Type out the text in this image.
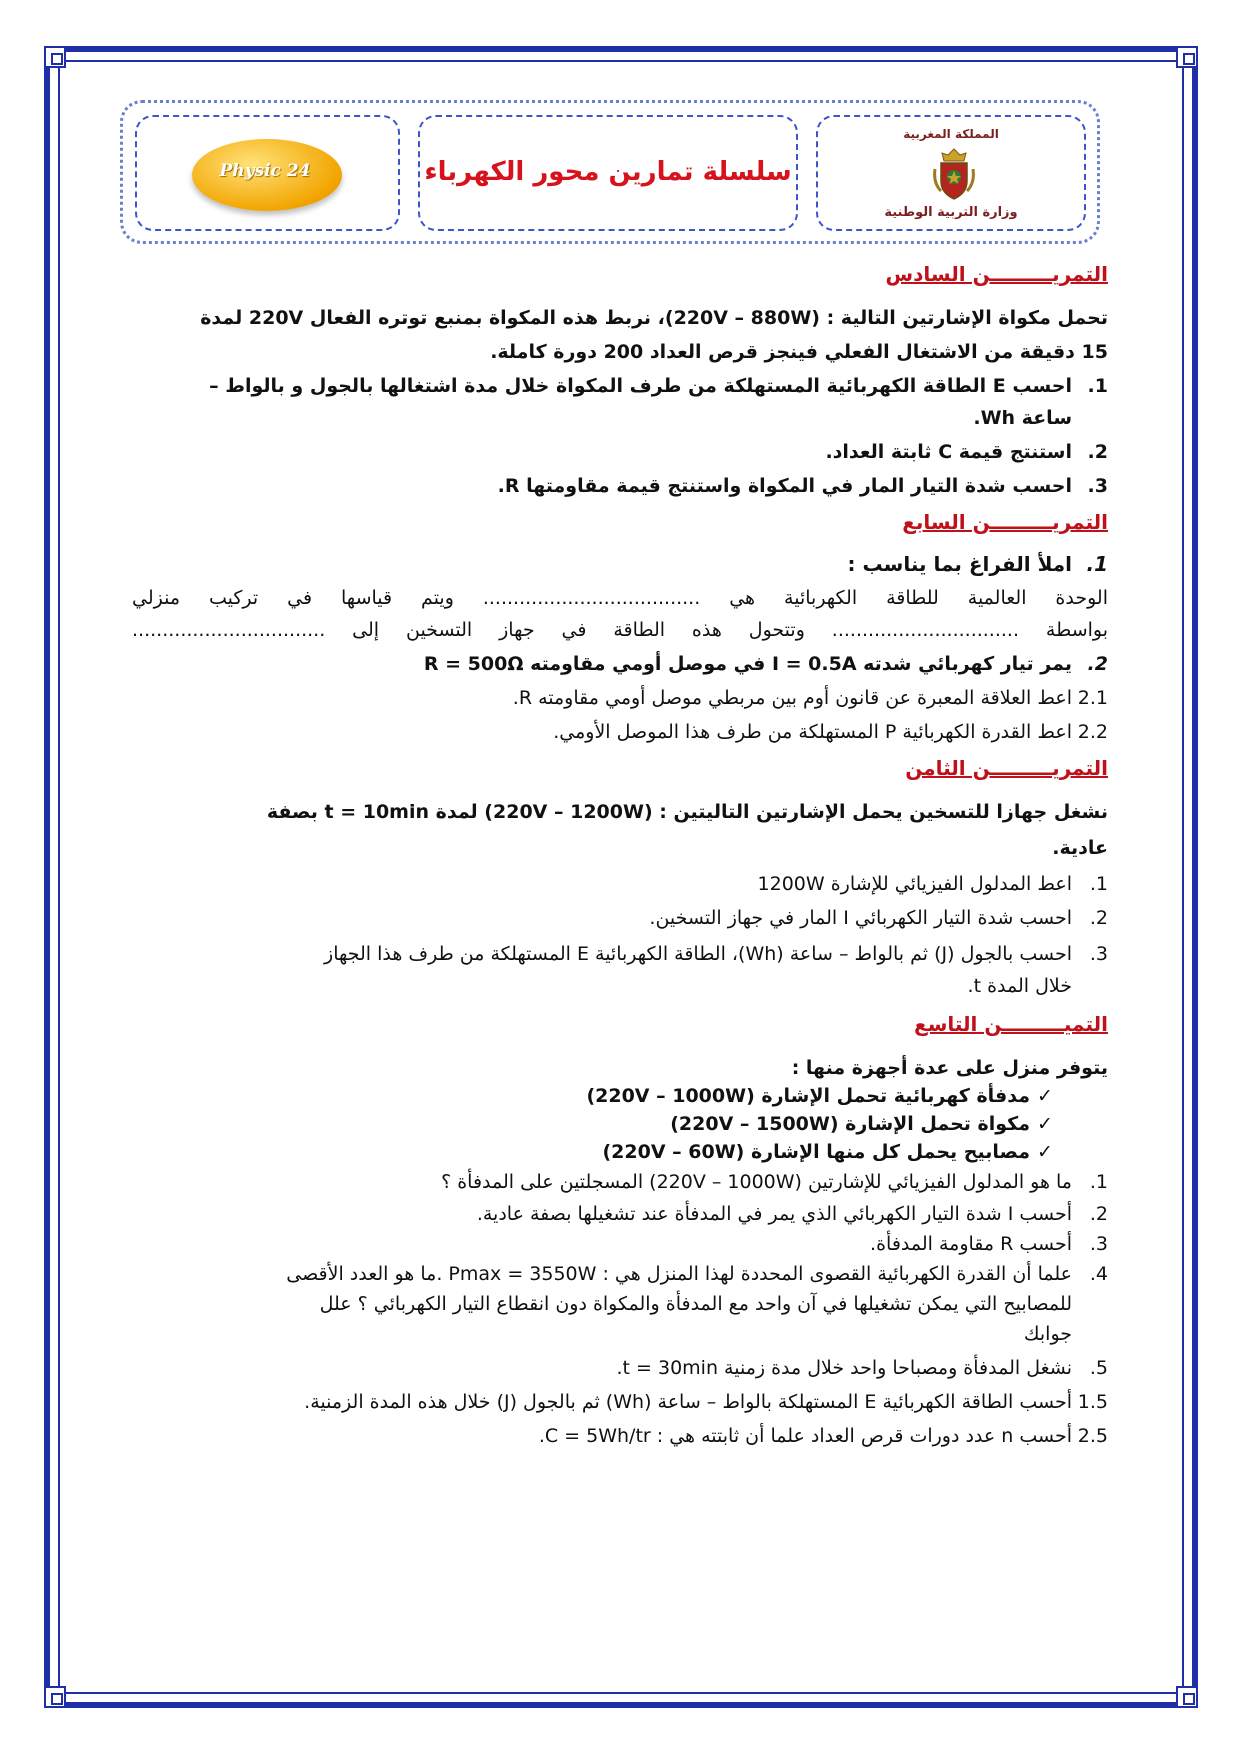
Physic 24	سلسلة تمارين محور الكهرباء
المملكة المغربية
وزارة التربية الوطنية
التمريـــــــــن السادس
تحمل مكواة الإشارتين التالية : (220V – 880W)، نربط هذه المكواة بمنبع توتره الفعال 220V لمدة
15 دقيقة من الاشتغال الفعلي فينجز قرص العداد 200 دورة كاملة.
1.احسب E الطاقة الكهربائية المستهلكة من طرف المكواة خلال مدة اشتغالها بالجول و بالواط –
ساعة Wh.
2.استنتج قيمة C ثابتة العداد.
3.احسب شدة التيار المار في المكواة واستنتج قيمة مقاومتها R.
التمريـــــــــن السابع
1.املأ الفراغ بما يناسب :
الوحدة العالمية للطاقة الكهربائية هي .................................... ويتم قياسها في تركيب منزلي
بواسطة ............................... وتتحول هذه الطاقة في جهاز التسخين إلى ................................
2.يمر تيار كهربائي شدته I = 0.5A في موصل أومي مقاومته R = 500Ω
2.1اعط العلاقة المعبرة عن قانون أوم بين مربطي موصل أومي مقاومته R.
2.2اعط القدرة الكهربائية P المستهلكة من طرف هذا الموصل الأومي.
التمريـــــــــن الثامن
نشغل جهازا للتسخين يحمل الإشارتين التاليتين : (220V – 1200W) لمدة t = 10min بصفة
عادية.
1.اعط المدلول الفيزيائي للإشارة 1200W
2.احسب شدة التيار الكهربائي I المار في جهاز التسخين.
3.احسب بالجول (J) ثم بالواط – ساعة (Wh)، الطاقة الكهربائية E المستهلكة من طرف هذا الجهاز
خلال المدة t.
التميـــــــــن التاسع
يتوفر منزل على عدة أجهزة منها :
✓مدفأة كهربائية تحمل الإشارة (220V – 1000W)
✓مكواة تحمل الإشارة (220V – 1500W)
✓مصابيح يحمل كل منها الإشارة (220V – 60W)
1.ما هو المدلول الفيزيائي للإشارتين (220V – 1000W) المسجلتين على المدفأة ؟
2.أحسب I شدة التيار الكهربائي الذي يمر في المدفأة عند تشغيلها بصفة عادية.
3.أحسب R مقاومة المدفأة.
4.علما أن القدرة الكهربائية القصوى المحددة لهذا المنزل هي : Pmax = 3550W .ما هو العدد الأقصى
للمصابيح التي يمكن تشغيلها في آن واحد مع المدفأة والمكواة دون انقطاع التيار الكهربائي ؟ علل
جوابك
5.نشغل المدفأة ومصباحا واحد خلال مدة زمنية t = 30min.
1.5أحسب الطاقة الكهربائية E المستهلكة بالواط – ساعة (Wh) ثم بالجول (J) خلال هذه المدة الزمنية.
2.5أحسب n عدد دورات قرص العداد علما أن ثابتته هي : C = 5Wh/tr.
